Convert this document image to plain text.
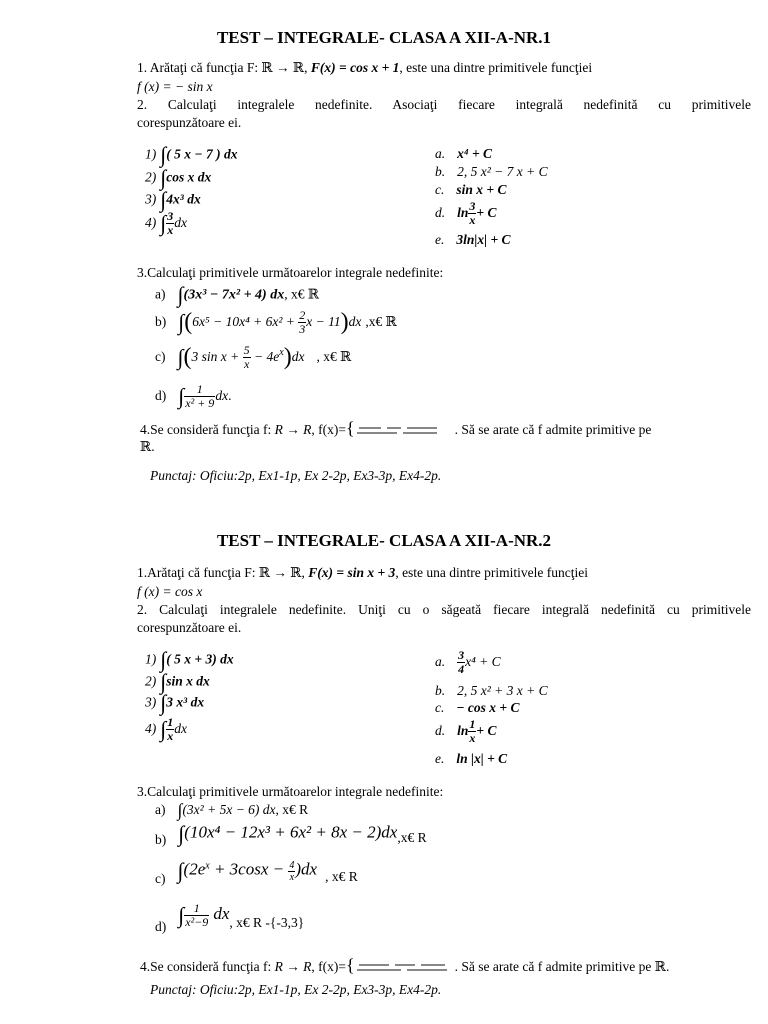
TEST – INTEGRALE- CLASA A XII-A-NR.1
1. Arătaţi că funcţia F: ℝ → ℝ, F(x) = cos x + 1, este una dintre primitivele funcţiei
f (x) = − sin x
2. Calculaţi integralele nedefinite. Asociaţi fiecare integrală nedefinită cu primitivele
corespunzătoare ei.
1) ∫( 5 x − 7 ) dx
2) ∫cos x dx
3) ∫4x³ dx
4) ∫ $\frac{3}{x}$ dx
a. x⁴ + C
b. 2, 5 x² − 7 x + C
c. sin x + C
d. $\ln \frac{3}{x} + C$
e. 3ln|x| + C
3.Calculaţi primitivele următoarelor integrale nedefinite:
a) ∫(3x³ − 7x² + 4) dx, x€ ℝ
b) $\int(6x^5 - 10x^4 + 6x^2 + \frac{2}{3}$ x − 11)dx ,x€ ℝ
c) ∫(3 $\sin x + \frac{5}{x} - 4e^x)dx$ , x€ ℝ
d) ∫ $\frac{1}{\text{x² + 9}}$ dx.
4.Se consideră funcţia f: R → R, f(x)={	. Să se arate că f admite primitive pe
ℝ.
Punctaj: Oficiu:2p, Ex1-1p, Ex 2-2p, Ex3-3p, Ex4-2p.
TEST – INTEGRALE- CLASA A XII-A-NR.2
1.Arătaţi că funcţia F: ℝ → ℝ, F(x) = sin x + 3, este una dintre primitivele funcţiei
f (x) = cos x
2. Calculaţi integralele nedefinite. Uniţi cu o săgeată fiecare integrală nedefinită cu primitivele
corespunzătoare ei.
1) ∫( 5 x + 3) dx
2) ∫sin x dx
3) ∫3 x³ dx
4) ∫ $\frac{1}{x}$ dx
a. $\frac{3}{4} x^4 + C$
b. 2, 5 x² + 3 x + C
c. − cos x + C
d. $\ln \frac{1}{x} + C$
e. ln |x| + C
3.Calculaţi primitivele următoarelor integrale nedefinite:
a) ∫(3x² + 5x − 6) dx, x€ R
$_{b)}$ $\int(10x^4 - 12x^3 + 6x^2 + 8x - 2)dx_{,x€ R}$
$_{c)}$ $\int(2e^x + 3\cos x - \frac{4}{x} )dx$ $_{, x€ R}$
$_{d)}$ ∫ $\frac{1}{\text{x²−9}} dx_{, x€ R -\{-3,3\}}$
4.Se consideră funcţia f: R → R, f(x)={	. Să se arate că f admite primitive pe ℝ.
Punctaj: Oficiu:2p, Ex1-1p, Ex 2-2p, Ex3-3p, Ex4-2p.
